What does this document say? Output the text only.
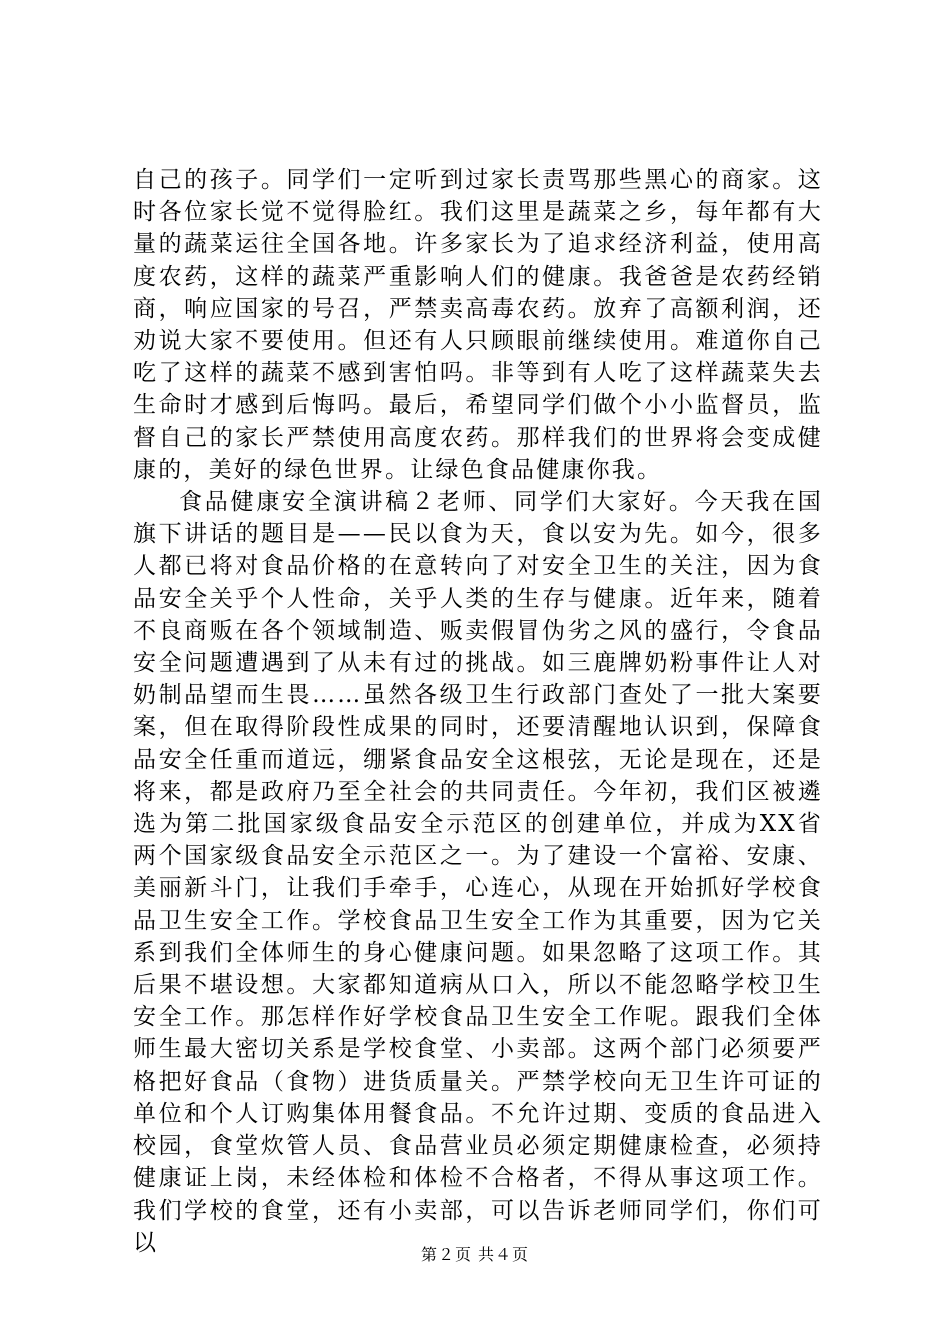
自己的孩子。同学们一定听到过家长责骂那些黑心的商家。这时各位家长觉不觉得脸红。我们这里是蔬菜之乡，每年都有大量的蔬菜运往全国各地。许多家长为了追求经济利益，使用高度农药，这样的蔬菜严重影响人们的健康。我爸爸是农药经销商，响应国家的号召，严禁卖高毒农药。放弃了高额利润，还劝说大家不要使用。但还有人只顾眼前继续使用。难道你自己吃了这样的蔬菜不感到害怕吗。非等到有人吃了这样蔬菜失去生命时才感到后悔吗。最后，希望同学们做个小小监督员，监督自己的家长严禁使用高度农药。那样我们的世界将会变成健康的，美好的绿色世界。让绿色食品健康你我。

食品健康安全演讲稿２老师、同学们大家好。今天我在国旗下讲话的题目是——民以食为天，食以安为先。如今，很多人都已将对食品价格的在意转向了对安全卫生的关注，因为食品安全关乎个人性命，关乎人类的生存与健康。近年来，随着不良商贩在各个领域制造、贩卖假冒伪劣之风的盛行，令食品安全问题遭遇到了从未有过的挑战。如三鹿牌奶粉事件让人对奶制品望而生畏……虽然各级卫生行政部门查处了一批大案要案，但在取得阶段性成果的同时，还要清醒地认识到，保障食品安全任重而道远，绷紧食品安全这根弦，无论是现在，还是将来，都是政府乃至全社会的共同责任。今年初，我们区被遴选为第二批国家级食品安全示范区的创建单位，并成为XX省两个国家级食品安全示范区之一。为了建设一个富裕、安康、美丽新斗门，让我们手牵手，心连心，从现在开始抓好学校食品卫生安全工作。学校食品卫生安全工作为其重要，因为它关系到我们全体师生的身心健康问题。如果忽略了这项工作。其后果不堪设想。大家都知道病从口入，所以不能忽略学校卫生安全工作。那怎样作好学校食品卫生安全工作呢。跟我们全体师生最大密切关系是学校食堂、小卖部。这两个部门必须要严格把好食品（食物）进货质量关。严禁学校向无卫生许可证的单位和个人订购集体用餐食品。不允许过期、变质的食品进入校园，食堂炊管人员、食品营业员必须定期健康检查，必须持健康证上岗，未经体检和体检不合格者，不得从事这项工作。我们学校的食堂，还有小卖部，可以告诉老师同学们，你们可以	第２页 共４页
